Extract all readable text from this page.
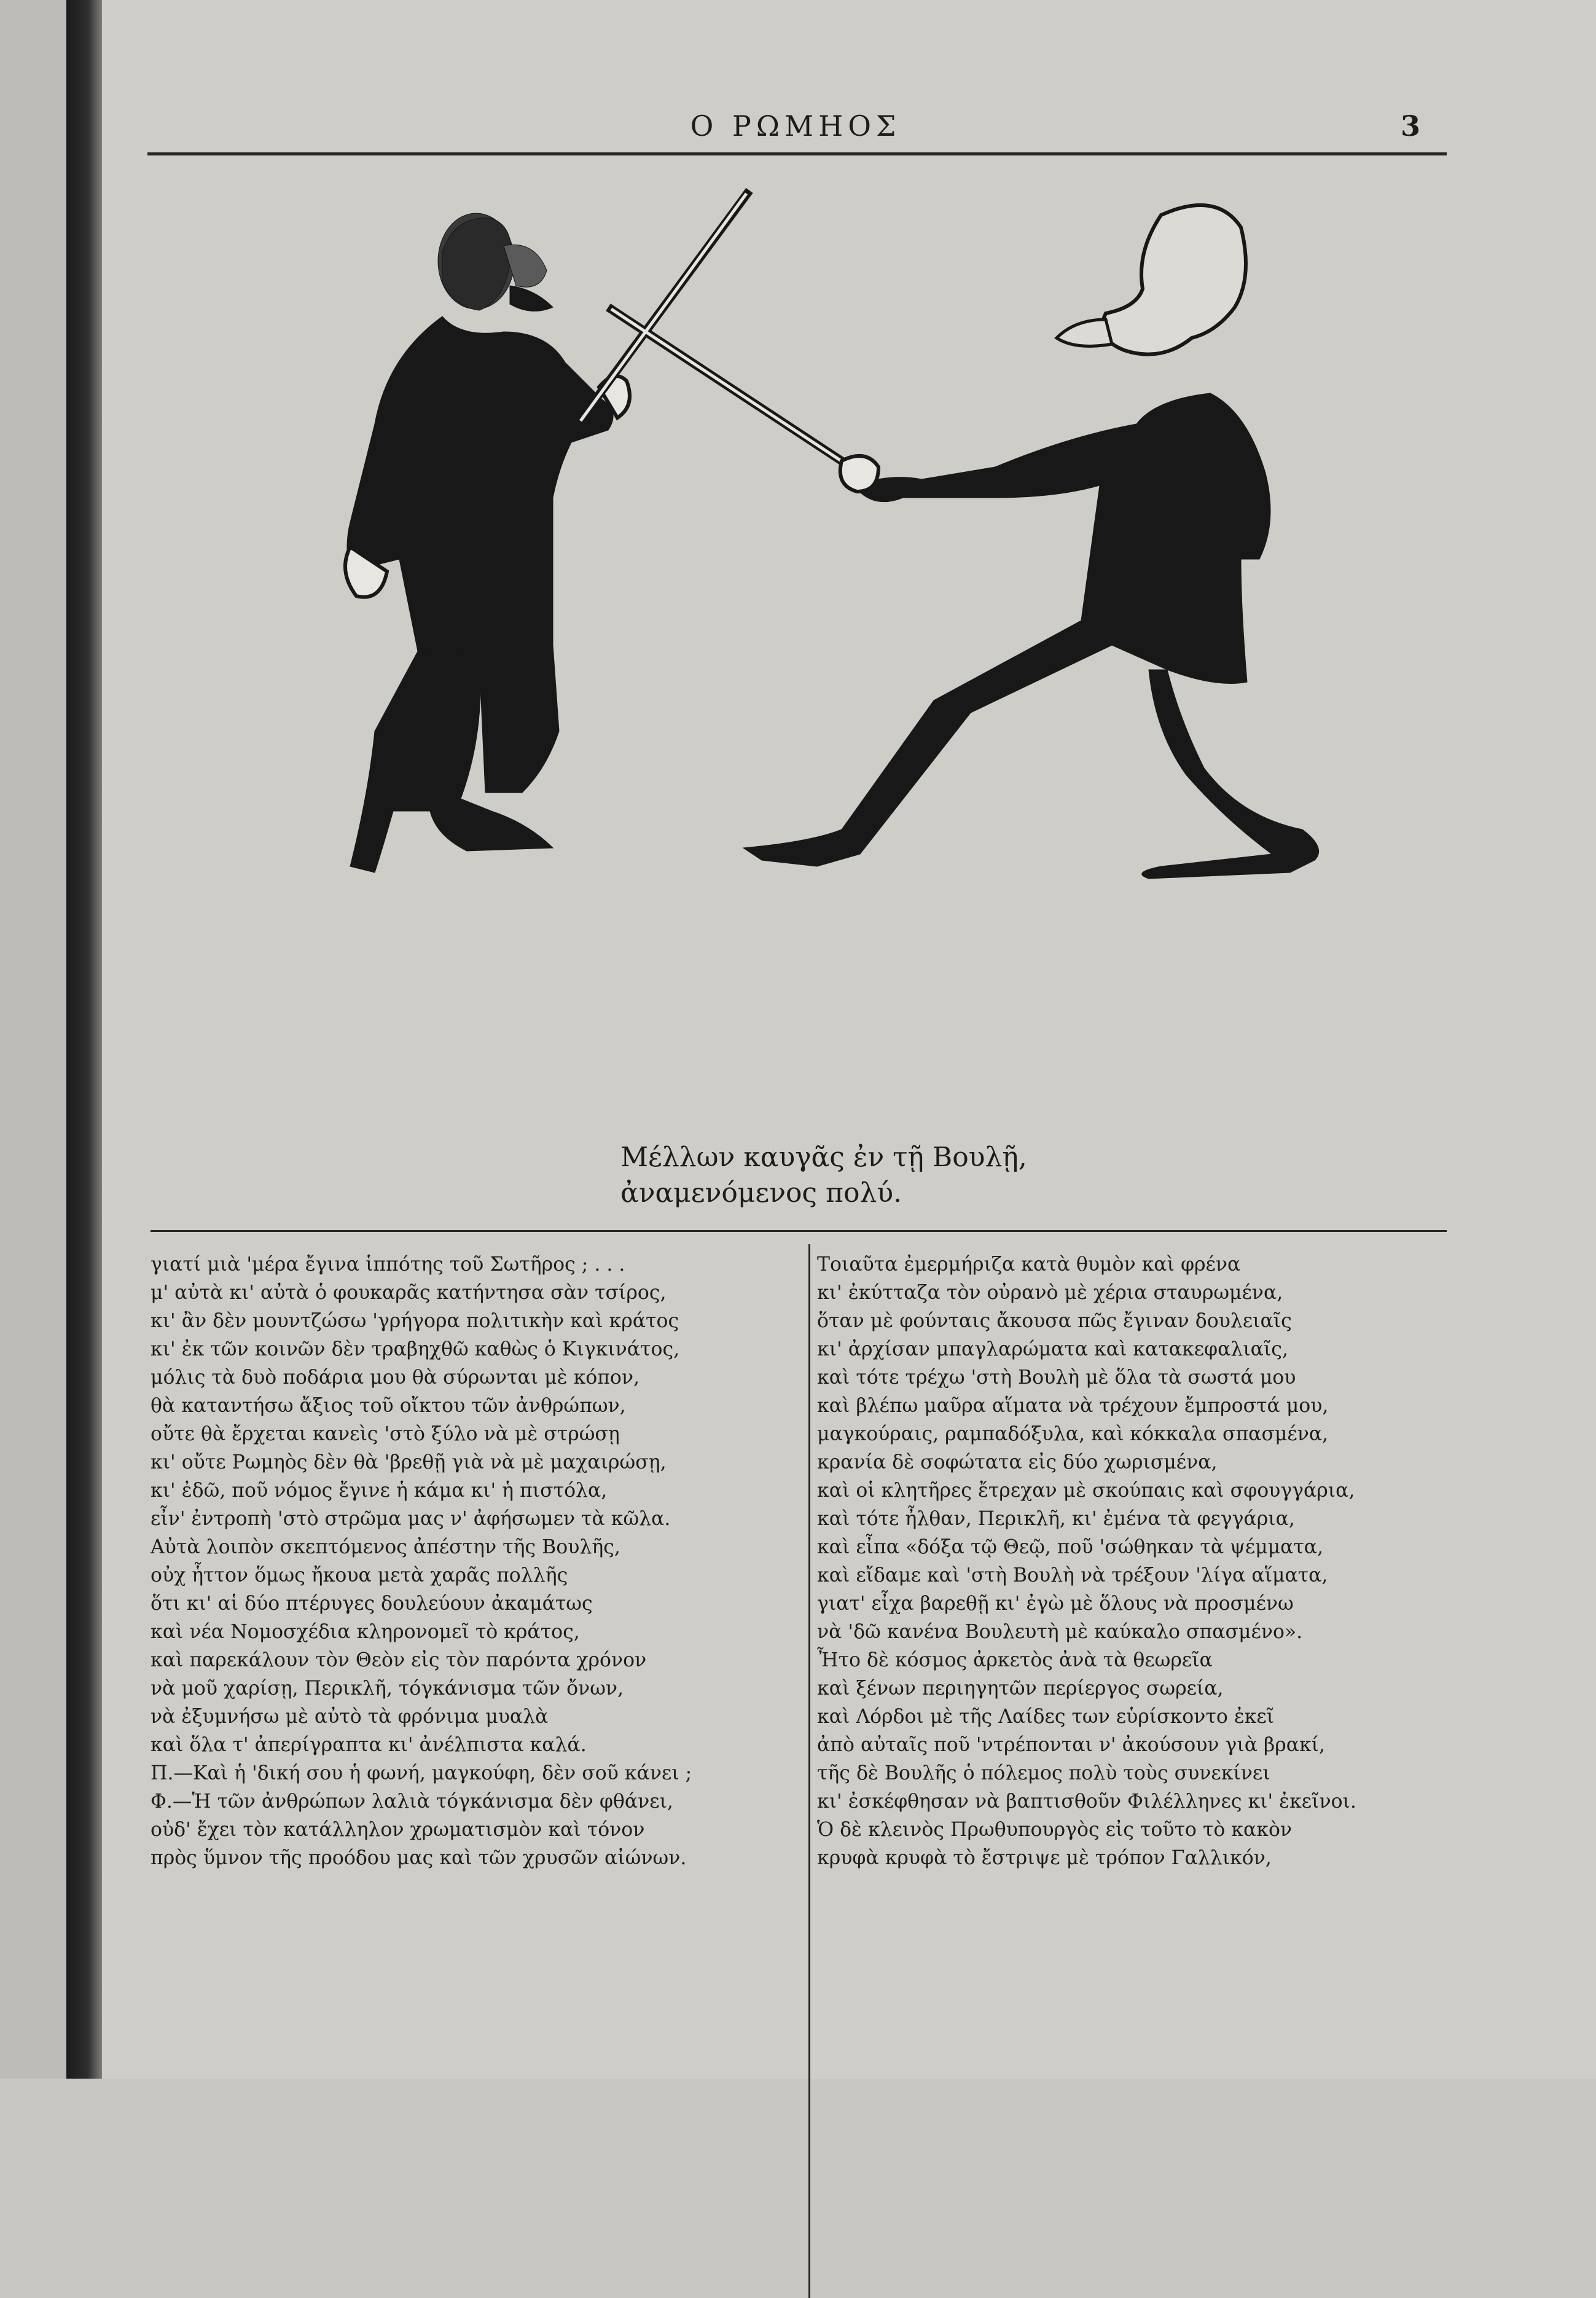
Ο ΡΩΜΗΟΣ	3
Μέλλων καυγᾶς ἐν τῇ Βουλῇ,
ἀναμενόμενος πολύ.
γιατί μιὰ 'μέρα ἔγινα ἱππότης τοῦ Σωτῆρος ; . . .
μ' αὐτὰ κι' αὐτὰ ὁ φουκαρᾶς κατήντησα σὰν τσίρος,
κι' ἂν δὲν μουντζώσω 'γρήγορα πολιτικὴν καὶ κράτος
κι' ἐκ τῶν κοινῶν δὲν τραβηχθῶ καθὼς ὁ Κιγκινάτος,
μόλις τὰ δυὸ ποδάρια μου θὰ σύρωνται μὲ κόπον,
θὰ καταντήσω ἄξιος τοῦ οἴκτου τῶν ἀνθρώπων,
οὔτε θὰ ἔρχεται κανεὶς 'στὸ ξύλο νὰ μὲ στρώσῃ
κι' οὔτε Ρωμηὸς δὲν θὰ 'βρεθῇ γιὰ νὰ μὲ μαχαιρώσῃ,
κι' ἐδῶ, ποῦ νόμος ἔγινε ἡ κάμα κι' ἡ πιστόλα,
εἶν' ἐντροπὴ 'στὸ στρῶμα μας ν' ἀφήσωμεν τὰ κῶλα.
Αὐτὰ λοιπὸν σκεπτόμενος ἀπέστην τῆς Βουλῆς,
οὐχ ἧττον ὅμως ἤκουα μετὰ χαρᾶς πολλῆς
ὅτι κι' αἱ δύο πτέρυγες δουλεύουν ἀκαμάτως
καὶ νέα Νομοσχέδια κληρονομεῖ τὸ κράτος,
καὶ παρεκάλουν τὸν Θεὸν εἰς τὸν παρόντα χρόνον
νὰ μοῦ χαρίσῃ, Περικλῆ, τόγκάνισμα τῶν ὄνων,
νὰ ἐξυμνήσω μὲ αὐτὸ τὰ φρόνιμα μυαλὰ
καὶ ὅλα τ' ἀπερίγραπτα κι' ἀνέλπιστα καλά.
Π.—Καὶ ἡ 'δική σου ἡ φωνή, μαγκούφη, δὲν σοῦ κάνει ;
Φ.—Ἡ τῶν ἀνθρώπων λαλιὰ τόγκάνισμα δὲν φθάνει,
οὐδ' ἔχει τὸν κατάλληλον χρωματισμὸν καὶ τόνον
πρὸς ὕμνον τῆς προόδου μας καὶ τῶν χρυσῶν αἰώνων.
Τοιαῦτα ἐμερμήριζα κατὰ θυμὸν καὶ φρένα
κι' ἐκύτταζα τὸν οὐρανὸ μὲ χέρια σταυρωμένα,
ὅταν μὲ φούνταις ἄκουσα πῶς ἔγιναν δουλειαῖς
κι' ἀρχίσαν μπαγλαρώματα καὶ κατακεφαλιαῖς,
καὶ τότε τρέχω 'στὴ Βουλὴ μὲ ὅλα τὰ σωστά μου
καὶ βλέπω μαῦρα αἵματα νὰ τρέχουν ἔμπροστά μου,
μαγκούραις, ραμπαδόξυλα, καὶ κόκκαλα σπασμένα,
κρανία δὲ σοφώτατα εἰς δύο χωρισμένα,
καὶ οἱ κλητῆρες ἔτρεχαν μὲ σκούπαις καὶ σφουγγάρια,
καὶ τότε ἦλθαν, Περικλῆ, κι' ἐμένα τὰ φεγγάρια,
καὶ εἶπα «δόξα τῷ Θεῷ, ποῦ 'σώθηκαν τὰ ψέμματα,
καὶ εἴδαμε καὶ 'στὴ Βουλὴ νὰ τρέξουν 'λίγα αἵματα,
γιατ' εἶχα βαρεθῇ κι' ἐγὼ μὲ ὅλους νὰ προσμένω
νὰ 'δῶ κανένα Βουλευτὴ μὲ καύκαλο σπασμένο».
Ἦτο δὲ κόσμος ἀρκετὸς ἀνὰ τὰ θεωρεῖα
καὶ ξένων περιηγητῶν περίεργος σωρεία,
καὶ Λόρδοι μὲ τῆς Λαίδες των εὑρίσκοντο ἐκεῖ
ἀπὸ αὐταῖς ποῦ 'ντρέπονται ν' ἀκούσουν γιὰ βρακί,
τῆς δὲ Βουλῆς ὁ πόλεμος πολὺ τοὺς συνεκίνει
κι' ἐσκέφθησαν νὰ βαπτισθοῦν Φιλέλληνες κι' ἐκεῖνοι.
Ὁ δὲ κλεινὸς Πρωθυπουργὸς εἰς τοῦτο τὸ κακὸν
κρυφὰ κρυφὰ τὸ ἔστριψε μὲ τρόπον Γαλλικόν,
